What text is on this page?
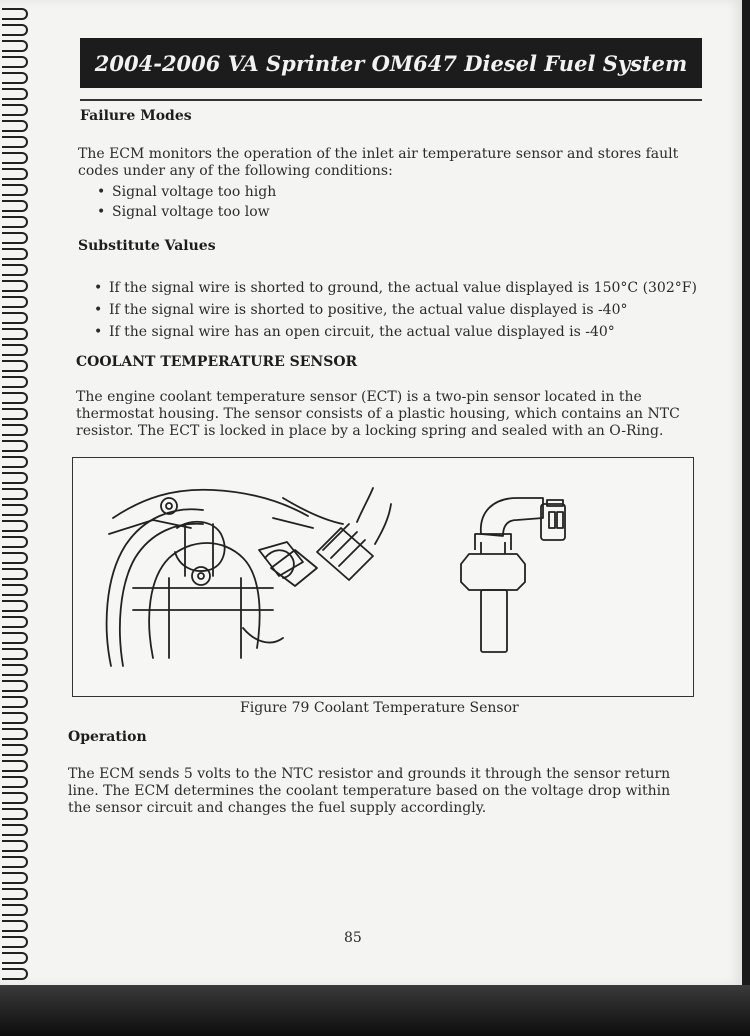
2004-2006 VA Sprinter OM647 Diesel Fuel System
Failure Modes
The ECM monitors the operation of the inlet air temperature sensor and stores fault codes under any of the following conditions:
• Signal voltage too high
• Signal voltage too low
Substitute Values
• If the signal wire is shorted to ground, the actual value displayed is 150°C (302°F)
• If the signal wire is shorted to positive, the actual value displayed is -40°
• If the signal wire has an open circuit, the actual value displayed is -40°
COOLANT TEMPERATURE SENSOR
The engine coolant temperature sensor (ECT) is a two-pin sensor located in the thermostat housing. The sensor consists of a plastic housing, which contains an NTC resistor. The ECT is locked in place by a locking spring and sealed with an O-Ring.
Figure 79 Coolant Temperature Sensor
Operation
The ECM sends 5 volts to the NTC resistor and grounds it through the sensor return line. The ECM determines the coolant temperature based on the voltage drop within the sensor circuit and changes the fuel supply accordingly.
85
